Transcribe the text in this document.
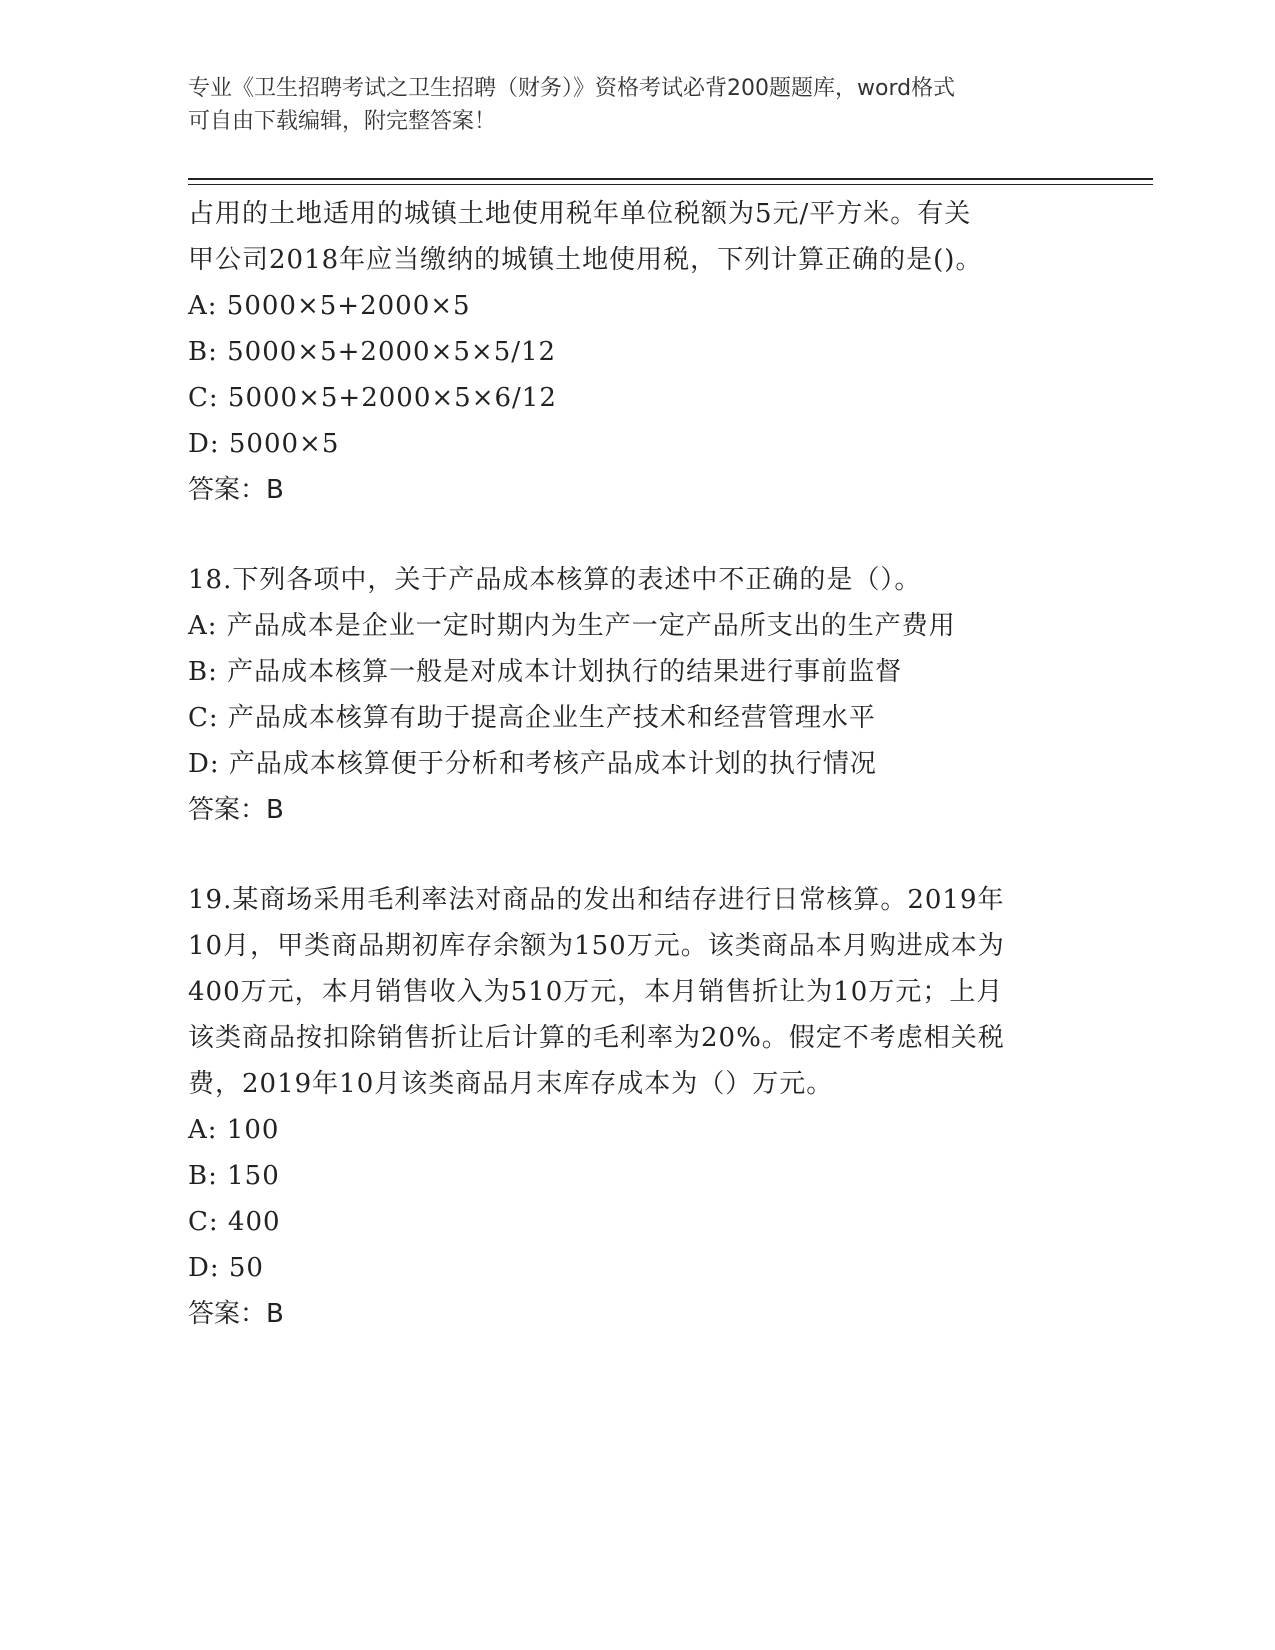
专业《卫生招聘考试之卫生招聘（财务）》资格考试必背200题题库，word格式
可自由下载编辑，附完整答案！
占用的土地适用的城镇土地使用税年单位税额为5元/平方米。有关
甲公司2018年应当缴纳的城镇土地使用税，下列计算正确的是()。
A: 5000×5+2000×5
B: 5000×5+2000×5×5/12
C: 5000×5+2000×5×6/12
D: 5000×5
答案：B
18.下列各项中，关于产品成本核算的表述中不正确的是（）。
A: 产品成本是企业一定时期内为生产一定产品所支出的生产费用
B: 产品成本核算一般是对成本计划执行的结果进行事前监督
C: 产品成本核算有助于提高企业生产技术和经营管理水平
D: 产品成本核算便于分析和考核产品成本计划的执行情况
答案：B
19.某商场采用毛利率法对商品的发出和结存进行日常核算。2019年
10月，甲类商品期初库存余额为150万元。该类商品本月购进成本为
400万元，本月销售收入为510万元，本月销售折让为10万元；上月
该类商品按扣除销售折让后计算的毛利率为20%。假定不考虑相关税
费，2019年10月该类商品月末库存成本为（）万元。
A: 100
B: 150
C: 400
D: 50
答案：B
